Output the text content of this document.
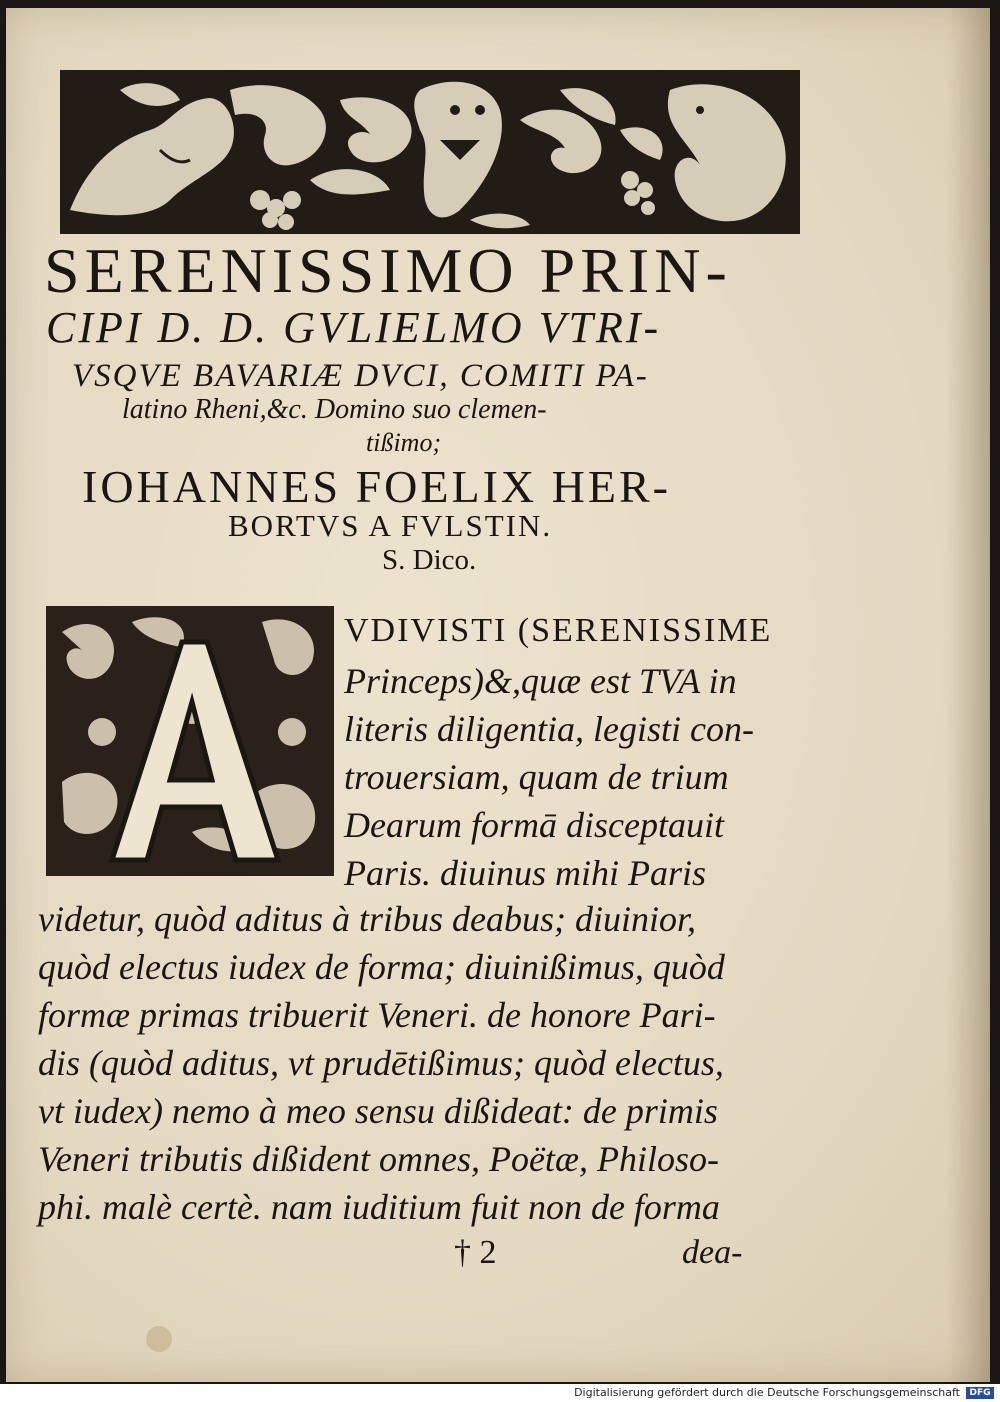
SERENISSIMO PRIN-
CIPI D. D. GVLIELMO VTRI-
VSQVE BAVARIÆ DVCI, COMITI PA-
latino Rheni,&c. Domino suo clemen-
tißimo;
IOHANNES FOELIX HER-
BORTVS A FVLSTIN.
S. Dico.
VDIVISTI (SERENISSIME
Princeps)&,quæ est TVA in
literis diligentia, legisti con-
trouersiam, quam de trium
Dearum formā disceptauit
Paris. diuinus mihi Paris
videtur, quòd aditus à tribus deabus; diuinior,
quòd electus iudex de forma; diuinißimus, quòd
formæ primas tribuerit Veneri. de honore Pari-
dis (quòd aditus, vt prudētißimus; quòd electus,
vt iudex) nemo à meo sensu dißideat: de primis
Veneri tributis dißident omnes, Poëtæ, Philoso-
phi. malè certè. nam iuditium fuit non de forma
† 2	dea-
Digitalisierung gefördert durch die Deutsche Forschungsgemeinschaft	DFG
